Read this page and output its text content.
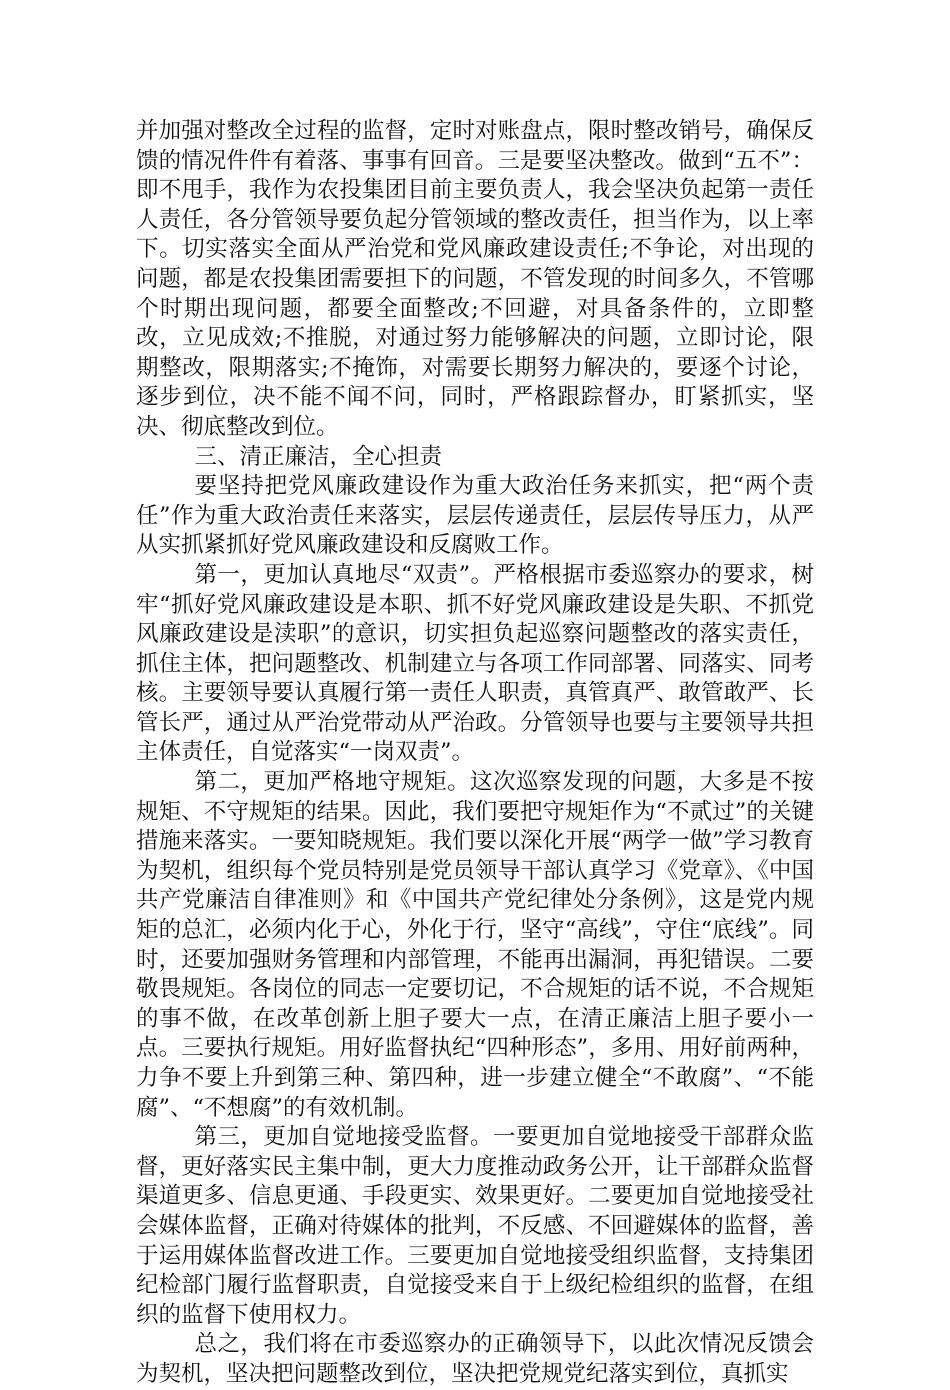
并加强对整改全过程的监督，定时对账盘点，限时整改销号，确保反馈的情况件件有着落、事事有回音。三是要坚决整改。做到“五不”：即不甩手，我作为农投集团目前主要负责人，我会坚决负起第一责任人责任，各分管领导要负起分管领域的整改责任，担当作为，以上率下。切实落实全面从严治党和党风廉政建设责任;不争论，对出现的问题，都是农投集团需要担下的问题，不管发现的时间多久，不管哪个时期出现问题，都要全面整改;不回避，对具备条件的，立即整改，立见成效;不推脱，对通过努力能够解决的问题，立即讨论，限期整改，限期落实;不掩饰，对需要长期努力解决的，要逐个讨论，逐步到位，决不能不闻不问，同时，严格跟踪督办，盯紧抓实，坚决、彻底整改到位。

三、清正廉洁，全心担责

要坚持把党风廉政建设作为重大政治任务来抓实，把“两个责任”作为重大政治责任来落实，层层传递责任，层层传导压力，从严从实抓紧抓好党风廉政建设和反腐败工作。

第一，更加认真地尽“双责”。严格根据市委巡察办的要求，树牢“抓好党风廉政建设是本职、抓不好党风廉政建设是失职、不抓党风廉政建设是渎职”的意识，切实担负起巡察问题整改的落实责任，抓住主体，把问题整改、机制建立与各项工作同部署、同落实、同考核。主要领导要认真履行第一责任人职责，真管真严、敢管敢严、长管长严，通过从严治党带动从严治政。分管领导也要与主要领导共担主体责任，自觉落实“一岗双责”。

第二，更加严格地守规矩。这次巡察发现的问题，大多是不按规矩、不守规矩的结果。因此，我们要把守规矩作为“不贰过”的关键措施来落实。一要知晓规矩。我们要以深化开展“两学一做”学习教育为契机，组织每个党员特别是党员领导干部认真学习《党章》、《中国共产党廉洁自律准则》和《中国共产党纪律处分条例》，这是党内规矩的总汇，必须内化于心，外化于行，坚守“高线”，守住“底线”。同时，还要加强财务管理和内部管理，不能再出漏洞，再犯错误。二要敬畏规矩。各岗位的同志一定要切记，不合规矩的话不说，不合规矩的事不做，在改革创新上胆子要大一点，在清正廉洁上胆子要小一点。三要执行规矩。用好监督执纪“四种形态”，多用、用好前两种，力争不要上升到第三种、第四种，进一步建立健全“不敢腐”、“不能腐”、“不想腐”的有效机制。

第三，更加自觉地接受监督。一要更加自觉地接受干部群众监督，更好落实民主集中制，更大力度推动政务公开，让干部群众监督渠道更多、信息更通、手段更实、效果更好。二要更加自觉地接受社会媒体监督，正确对待媒体的批判，不反感、不回避媒体的监督，善于运用媒体监督改进工作。三要更加自觉地接受组织监督，支持集团纪检部门履行监督职责，自觉接受来自于上级纪检组织的监督，在组织的监督下使用权力。

总之，我们将在市委巡察办的正确领导下，以此次情况反馈会为契机，坚决把问题整改到位，坚决把党规党纪落实到位，真抓实
